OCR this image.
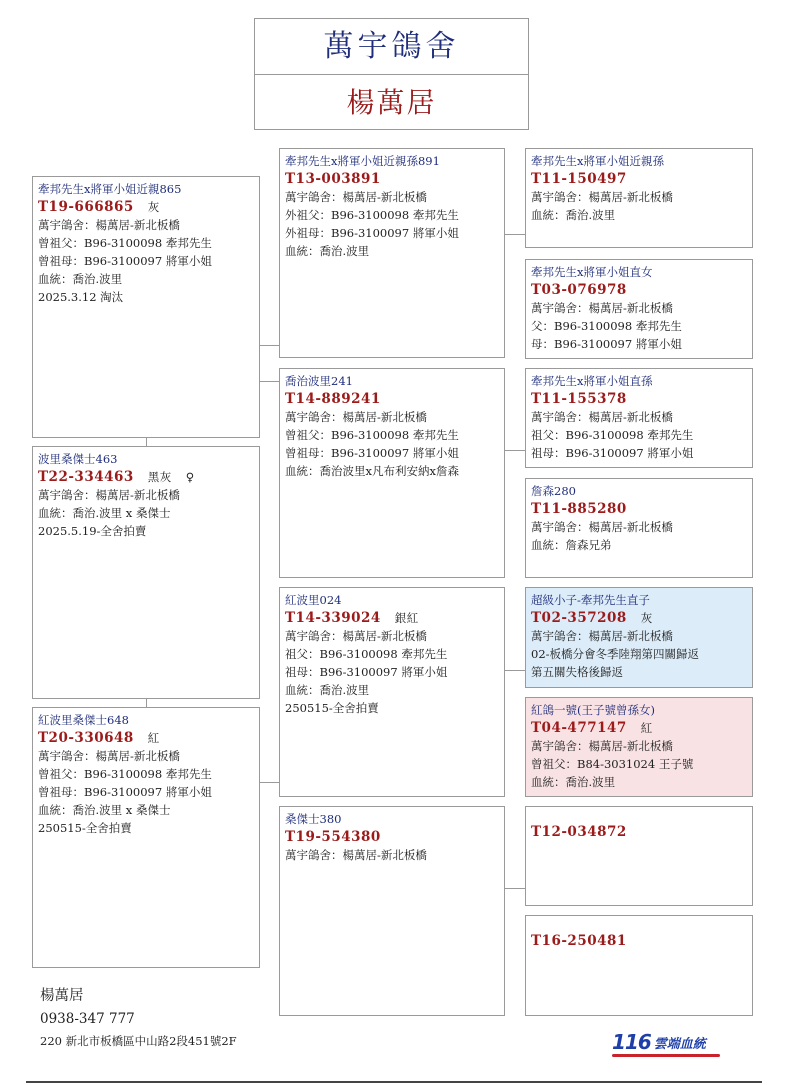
萬宇鴿舍
楊萬居
牽邦先生x將軍小姐近親865
T19-666865 灰
萬宇鴿舍：楊萬居-新北板橋
曾祖父：B96-3100098 牽邦先生
曾祖母：B96-3100097 將軍小姐
血統：喬治.波里
2025.3.12 淘汰
波里桑傑士463
T22-334463 黑灰 ♀
萬宇鴿舍：楊萬居-新北板橋
血統：喬治.波里 x 桑傑士
2025.5.19-全舍拍賣
紅波里桑傑士648
T20-330648 紅
萬宇鴿舍：楊萬居-新北板橋
曾祖父：B96-3100098 牽邦先生
曾祖母：B96-3100097 將軍小姐
血統：喬治.波里 x 桑傑士
250515-全舍拍賣
牽邦先生x將軍小姐近親孫891
T13-003891
萬宇鴿舍：楊萬居-新北板橋
外祖父：B96-3100098 牽邦先生
外祖母：B96-3100097 將軍小姐
血統：喬治.波里
喬治波里241
T14-889241
萬宇鴿舍：楊萬居-新北板橋
曾祖父：B96-3100098 牽邦先生
曾祖母：B96-3100097 將軍小姐
血統：喬治波里x凡布利安納x詹森
紅波里024
T14-339024 銀紅
萬宇鴿舍：楊萬居-新北板橋
祖父：B96-3100098 牽邦先生
祖母：B96-3100097 將軍小姐
血統：喬治.波里
250515-全舍拍賣
桑傑士380
T19-554380
萬宇鴿舍：楊萬居-新北板橋
牽邦先生x將軍小姐近親孫
T11-150497
萬宇鴿舍：楊萬居-新北板橋
血統：喬治.波里
牽邦先生x將軍小姐直女
T03-076978
萬宇鴿舍：楊萬居-新北板橋
父：B96-3100098 牽邦先生
母：B96-3100097 將軍小姐
牽邦先生x將軍小姐直孫
T11-155378
萬宇鴿舍：楊萬居-新北板橋
祖父：B96-3100098 牽邦先生
祖母：B96-3100097 將軍小姐
詹森280
T11-885280
萬宇鴿舍：楊萬居-新北板橋
血統：詹森兄弟
超級小子-牽邦先生直子
T02-357208 灰
萬宇鴿舍：楊萬居-新北板橋
02-板橋分會冬季陸翔第四關歸返
第五關失格後歸返
紅鴿一號(王子號曾孫女)
T04-477147 紅
萬宇鴿舍：楊萬居-新北板橋
曾祖父：B84-3031024 王子號
血統：喬治.波里
T12-034872
T16-250481
楊萬居
0938-347 777
220 新北市板橋區中山路2段451號2F	116 雲端血統
